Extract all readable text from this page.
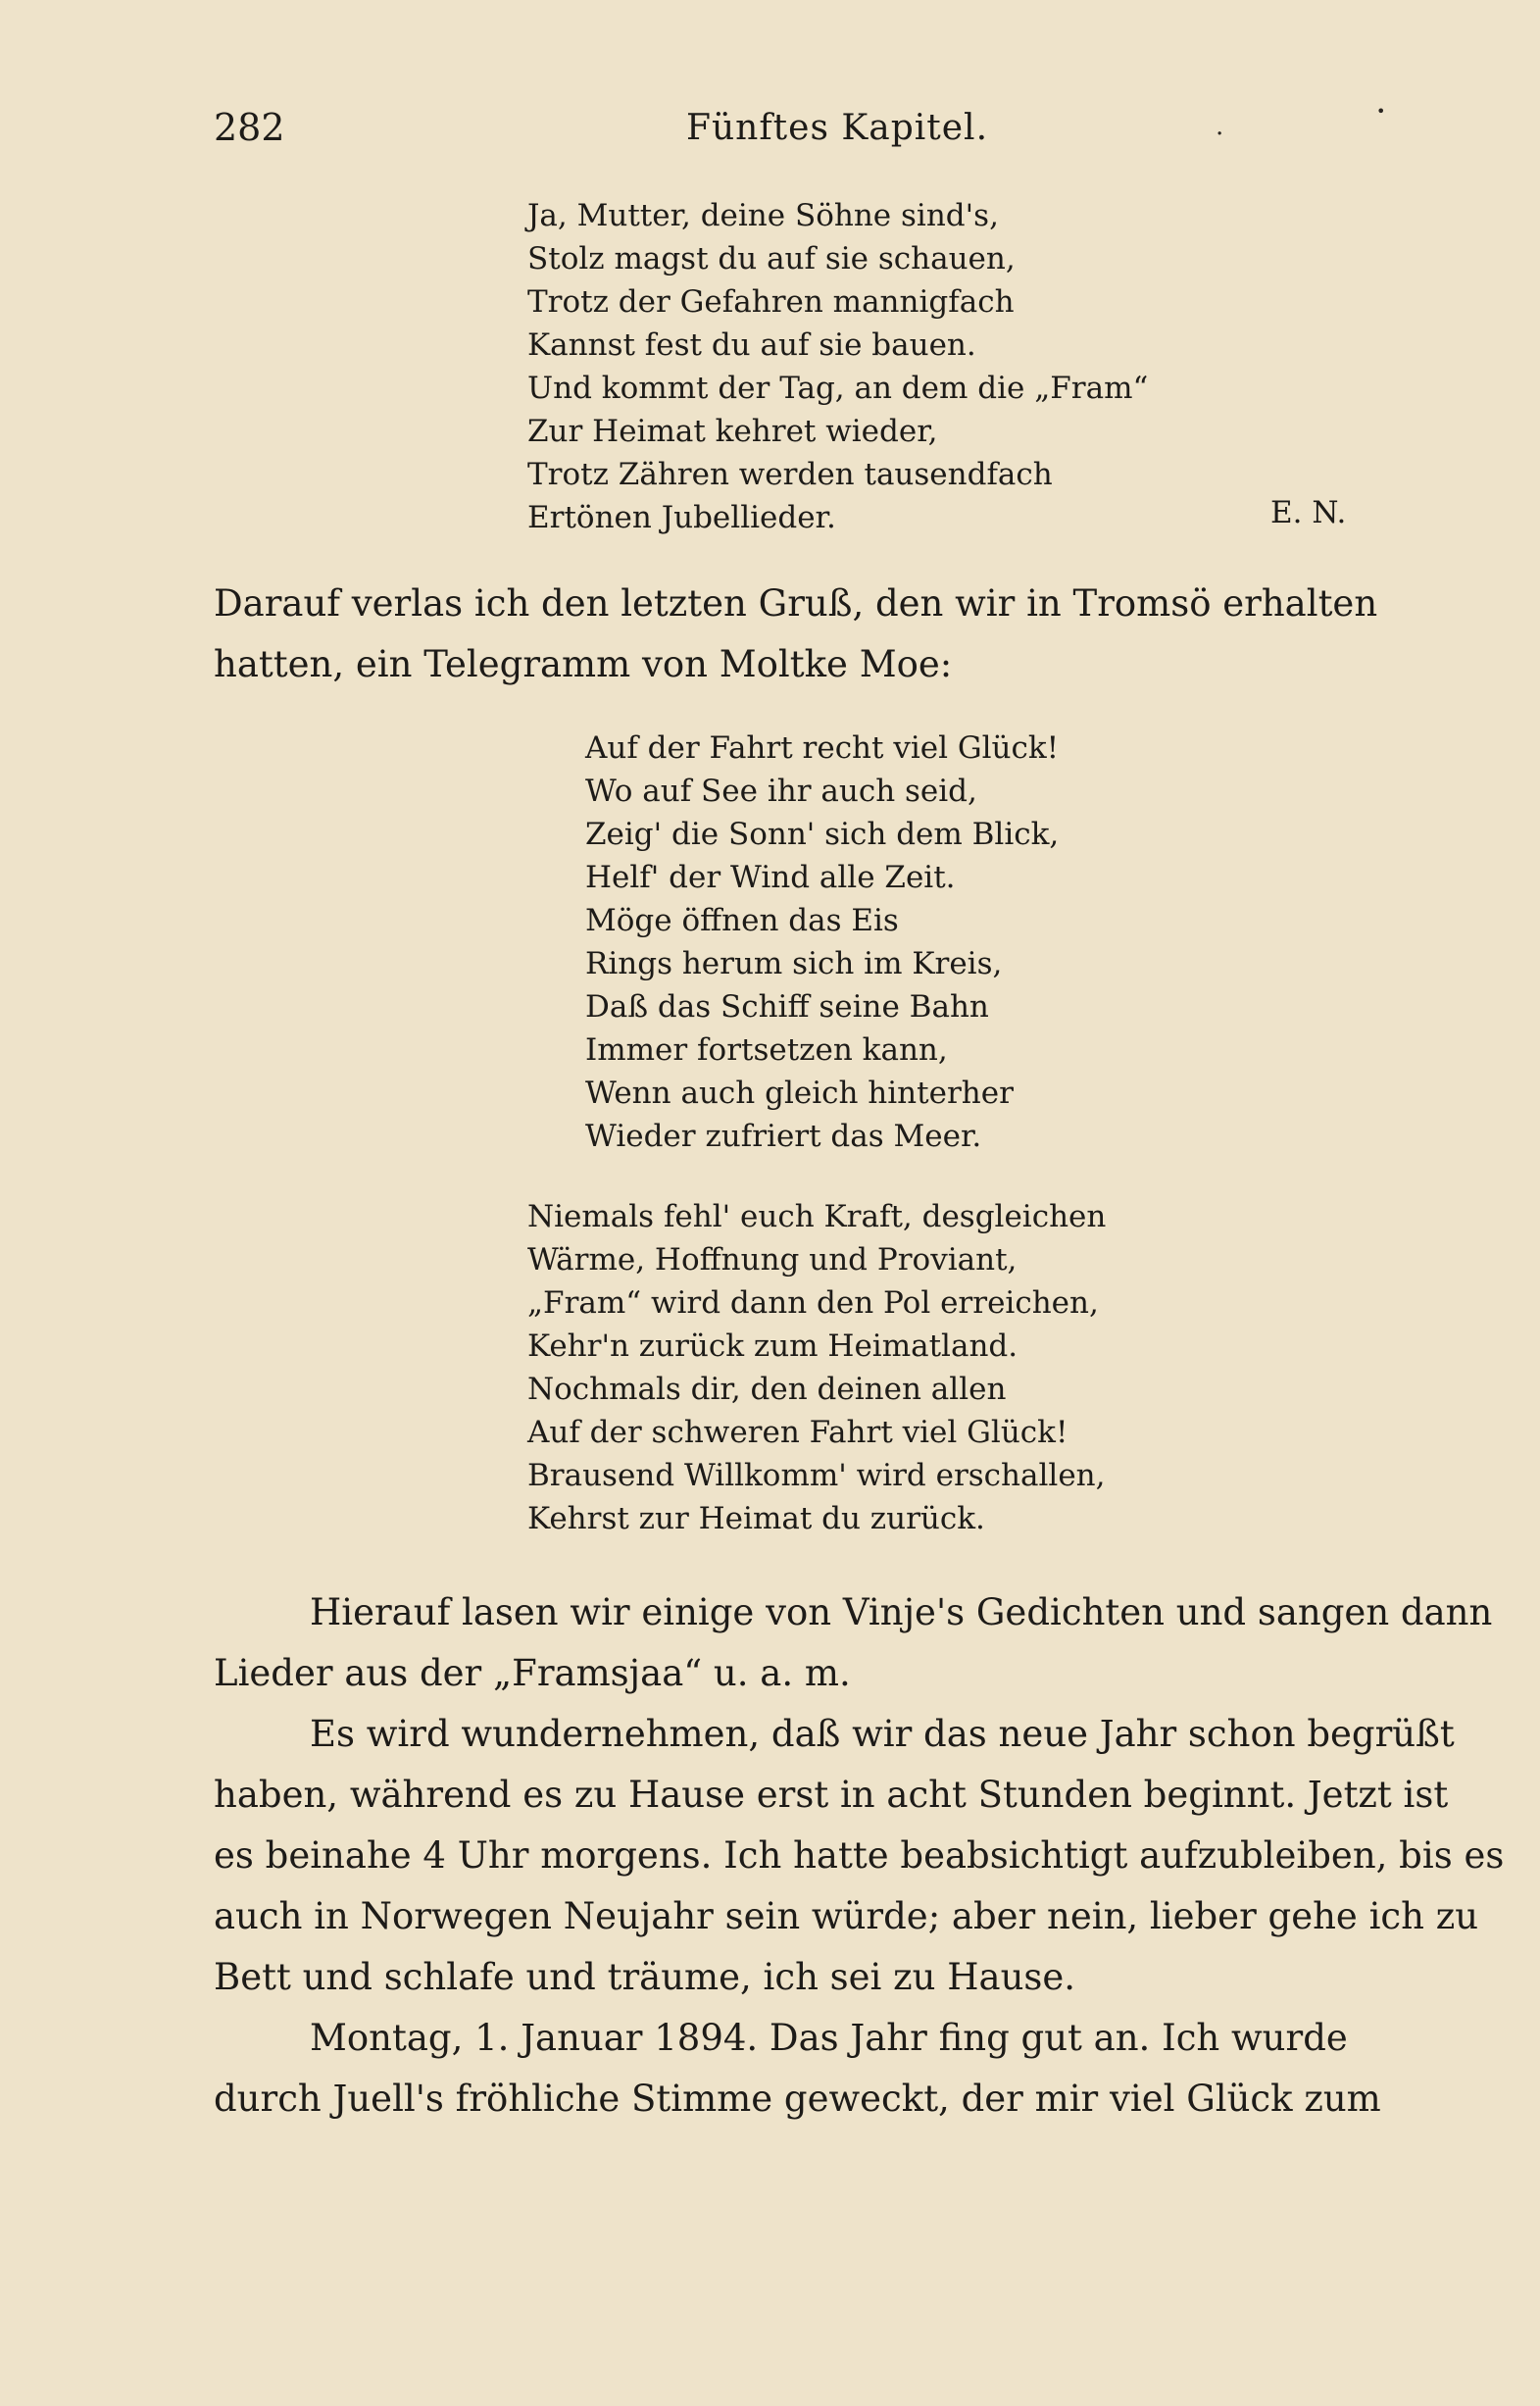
282	Fünftes Kapitel.	.
•
Ja, Mutter, deine Söhne sind's,
Stolz magst du auf sie schauen,
Trotz der Gefahren mannigfach
Kannst fest du auf sie bauen.
Und kommt der Tag, an dem die „Fram“
Zur Heimat kehret wieder,
Trotz Zähren werden tausendfach
Ertönen Jubellieder.	E. N.
Darauf verlas ich den letzten Gruß, den wir in Tromsö erhalten
hatten, ein Telegramm von Moltke Moe:
Auf der Fahrt recht viel Glück!
Wo auf See ihr auch seid,
Zeig' die Sonn' sich dem Blick,
Helf' der Wind alle Zeit.
Möge öffnen das Eis
Rings herum sich im Kreis,
Daß das Schiff seine Bahn
Immer fortsetzen kann,
Wenn auch gleich hinterher
Wieder zufriert das Meer.
Niemals fehl' euch Kraft, desgleichen
Wärme, Hoffnung und Proviant,
„Fram“ wird dann den Pol erreichen,
Kehr'n zurück zum Heimatland.
Nochmals dir, den deinen allen
Auf der schweren Fahrt viel Glück!
Brausend Willkomm' wird erschallen,
Kehrst zur Heimat du zurück.
Hierauf lasen wir einige von Vinje's Gedichten und sangen dann
Lieder aus der „Framsjaa“ u. a. m.
Es wird wundernehmen, daß wir das neue Jahr schon begrüßt
haben, während es zu Hause erst in acht Stunden beginnt. Jetzt ist
es beinahe 4 Uhr morgens. Ich hatte beabsichtigt aufzubleiben, bis es
auch in Norwegen Neujahr sein würde; aber nein, lieber gehe ich zu
Bett und schlafe und träume, ich sei zu Hause.
Montag, 1. Januar 1894. Das Jahr fing gut an. Ich wurde
durch Juell's fröhliche Stimme geweckt, der mir viel Glück zum
